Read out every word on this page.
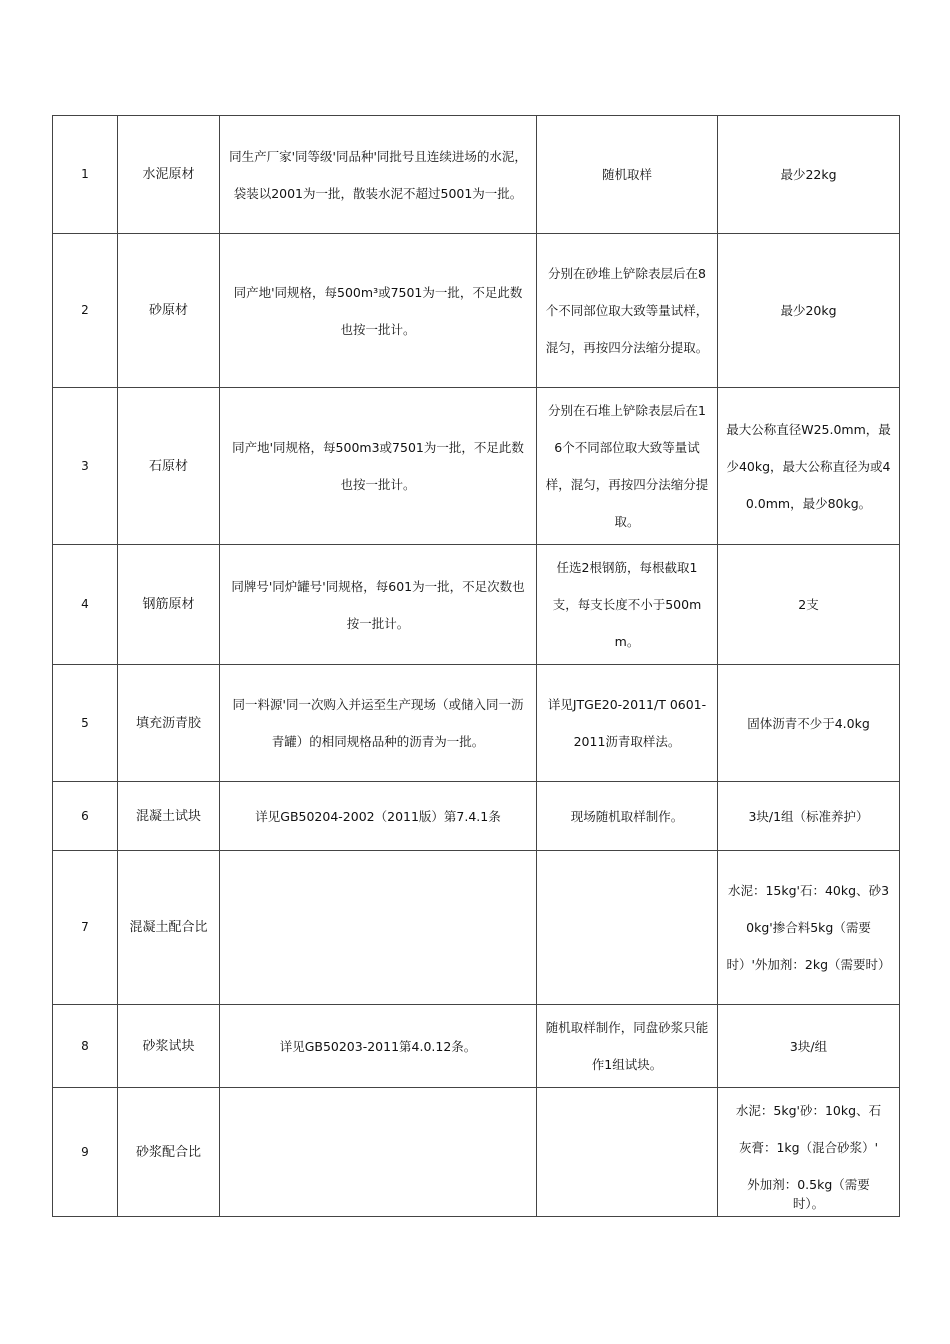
1	水泥原材	同生产厂家'同等级'同品种'同批号且连续进场的水泥，袋装以2001为一批，散装水泥不超过5001为一批。	随机取样	最少22kg
2	砂原材	同产地'同规格，每500m³或7501为一批，不足此数也按一批计。	分别在砂堆上铲除表层后在8个不同部位取大致等量试样，混匀，再按四分法缩分提取。	最少20kg
3	石原材	同产地'同规格，每500m3或7501为一批，不足此数也按一批计。	分别在石堆上铲除表层后在16个不同部位取大致等量试样，混匀，再按四分法缩分提取。	最大公称直径W25.0mm，最少40kg，最大公称直径为或40.0mm，最少80kg。
4	钢筋原材	同牌号'同炉罐号'同规格，每601为一批，不足次数也按一批计。	任选2根钢筋，每根截取1支，每支长度不小于500mm。	2支
5	填充沥青胶	同一料源'同一次购入并运至生产现场（或储入同一沥青罐）的相同规格品种的沥青为一批。	详见JTGE20-2011/T 0601-2011沥青取样法。	固体沥青不少于4.0kg
6	混凝土试块	详见GB50204-2002（2011版）第7.4.1条	现场随机取样制作。	3块/1组（标准养护）
7	混凝土配合比			水泥：15kg'石：40kg、砂30kg'掺合料5kg（需要时）'外加剂：2kg（需要时）
8	砂浆试块	详见GB50203-2011第4.0.12条。	随机取样制作，同盘砂浆只能作1组试块。	3块/组
9	砂浆配合比			水泥：5kg'砂：10kg、石
灰膏：1kg（混合砂浆）'
外加剂：0.5kg（需要
时）。
